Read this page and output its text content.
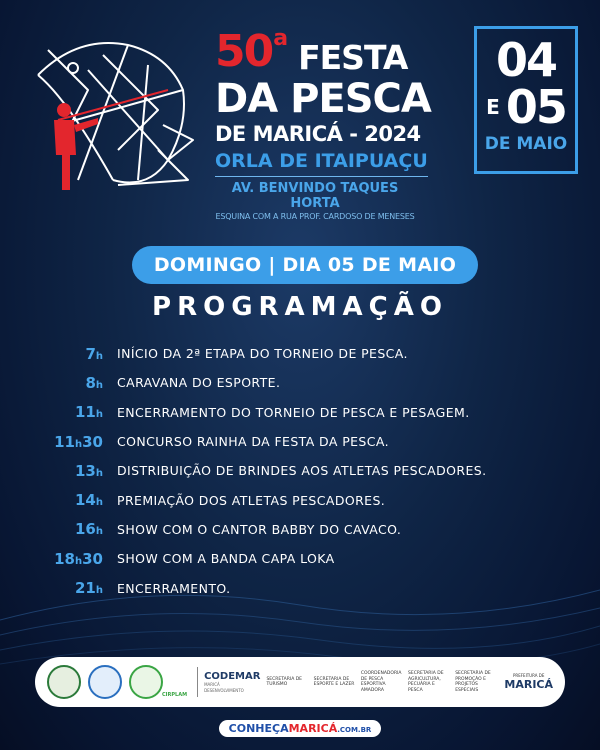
50 a FESTA
DA PESCA
DE MARICÁ - 2024
ORLA DE ITAIPUAÇU
AV. BENVINDO TAQUES HORTA
ESQUINA COM A RUA PROF. CARDOSO DE MENESES
04
E 05
DE MAIO
DOMINGO | DIA 05 DE MAIO
PROGRAMAÇÃO
7h INÍCIO DA 2ª ETAPA DO TORNEIO DE PESCA.
8h CARAVANA DO ESPORTE.
11h ENCERRAMENTO DO TORNEIO DE PESCA E PESAGEM.
11h30 CONCURSO RAINHA DA FESTA DA PESCA.
13h DISTRIBUIÇÃO DE BRINDES AOS ATLETAS PESCADORES.
14h PREMIAÇÃO DOS ATLETAS PESCADORES.
16h SHOW COM O CANTOR BABBY DO CAVACO.
18h30 SHOW COM A BANDA CAPA LOKA
21h ENCERRAMENTO.
CIRPLAM
CODEMAR
MARICÁ DESENVOLVIMENTO
SECRETARIA DE TURISMO
SECRETARIA DE ESPORTE E LAZER
COORDENADORIA DE PESCA ESPORTIVA AMADORA
SECRETARIA DE AGRICULTURA, PECUÁRIA E PESCA
SECRETARIA DE PROMOÇÃO E PROJETOS ESPECIAIS
PREFEITURA DE
MARICÁ
CONHEÇAMARICÁ.COM.BR
